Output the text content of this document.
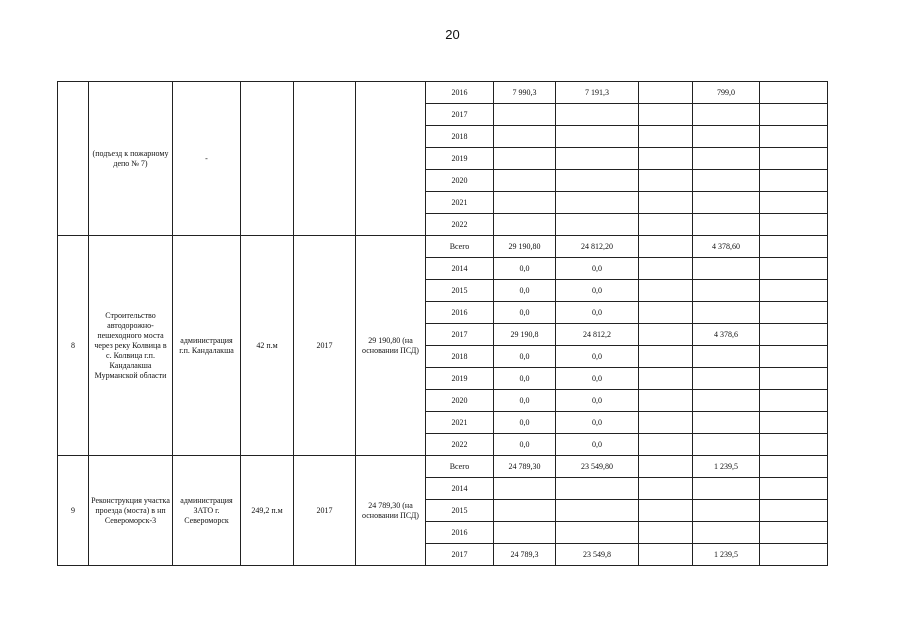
20
	(подъезд к пожарному депо № 7)	-				2016	7 990,3	7 191,3		799,0	
						2017					
						2018					
						2019					
						2020					
						2021					
						2022					
8	Строительство автодорожно-пешеходного моста через реку Колвица в с. Колвица г.п. Кандалакша Мурманской области	администрация г.п. Кандалакша	42 п.м	2017	29 190,80 (на основании ПСД)	Всего	29 190,80	24 812,20		4 378,60	
						2014	0,0	0,0			
						2015	0,0	0,0			
						2016	0,0	0,0			
						2017	29 190,8	24 812,2		4 378,6	
						2018	0,0	0,0			
						2019	0,0	0,0			
						2020	0,0	0,0			
						2021	0,0	0,0			
						2022	0,0	0,0			
9	Реконструкция участка проезда (моста) в нп Североморск-3	администрация ЗАТО г. Североморск	249,2 п.м	2017	24 789,30 (на основании ПСД)	Всего	24 789,30	23 549,80		1 239,5	
						2014					
						2015					
						2016					
						2017	24 789,3	23 549,8		1 239,5	
